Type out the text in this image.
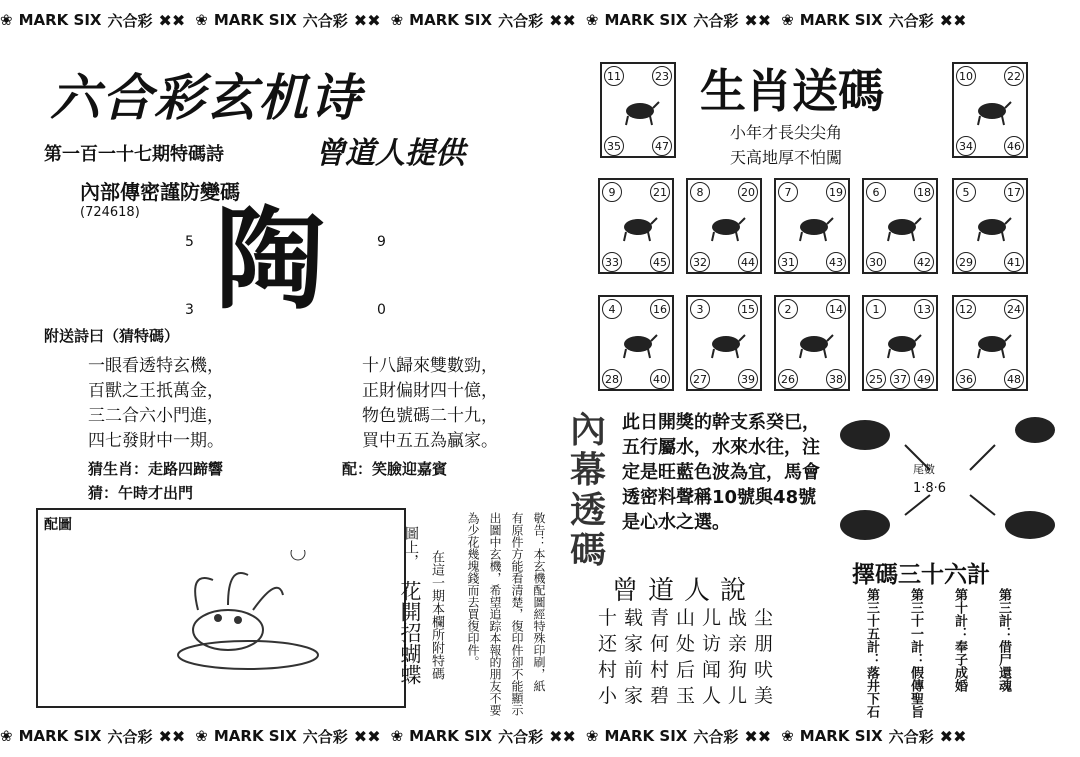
❀ MARK SIX 六合彩 ✖✖ ❀ MARK SIX 六合彩 ✖✖ ❀ MARK SIX 六合彩 ✖✖ ❀ MARK SIX 六合彩 ✖✖ ❀ MARK SIX 六合彩 ✖✖
❀ MARK SIX 六合彩 ✖✖ ❀ MARK SIX 六合彩 ✖✖ ❀ MARK SIX 六合彩 ✖✖ ❀ MARK SIX 六合彩 ✖✖ ❀ MARK SIX 六合彩 ✖✖
六合彩玄机诗
第一百一十七期特碼詩	曾道人提供
內部傳密謹防變碼
(724618) 陶
5	9
3	0
附送詩曰（猜特碼）
一眼看透特玄機，
百獸之王扺萬金，
三二合六小門進，
四七發財中一期。
十八歸來雙數勁，
正財偏財四十億，
物色號碼二十九，
買中五五為贏家。
猜生肖：走路四蹄響	配：笑臉迎嘉賓
猜：午時才出門
配圖
圖上，
花開招蝴蝶 在這一期本欄所附特碼 為少花幾塊錢而去買復印件。 出圖中玄機，希望追踪本報的朋友不要 有原件方能看清楚，復印件卻不能顯示 敬告：本玄機配圖經特殊印刷，紙
生肖送碼
小年才長尖尖角
天高地厚不怕闖
11	23
35	47
10	22
34	46
9	21
33	45
8	20
32	44
7	19
31	43
6	18
30	42
5	17
29	41
4	16
28	40
3	15
27	39
2	14
26	38
1	13
25 37 49
12	24
36	48
內幕透碼
此日開獎的幹支系癸巳，五行屬水，水來水往，注定是旺藍色波為宜，馬會透密料聲稱10號與48號是心水之選。
尾數
1·8·6
曾道人說
十载青山儿战尘
还家何处访亲朋
村前村后闻狗吠
小家碧玉人儿美
擇碼三十六計
第三計：借尸還魂
第十計：奉子成婚
第三十一計：假傳聖旨
第三十五計：落井下石
